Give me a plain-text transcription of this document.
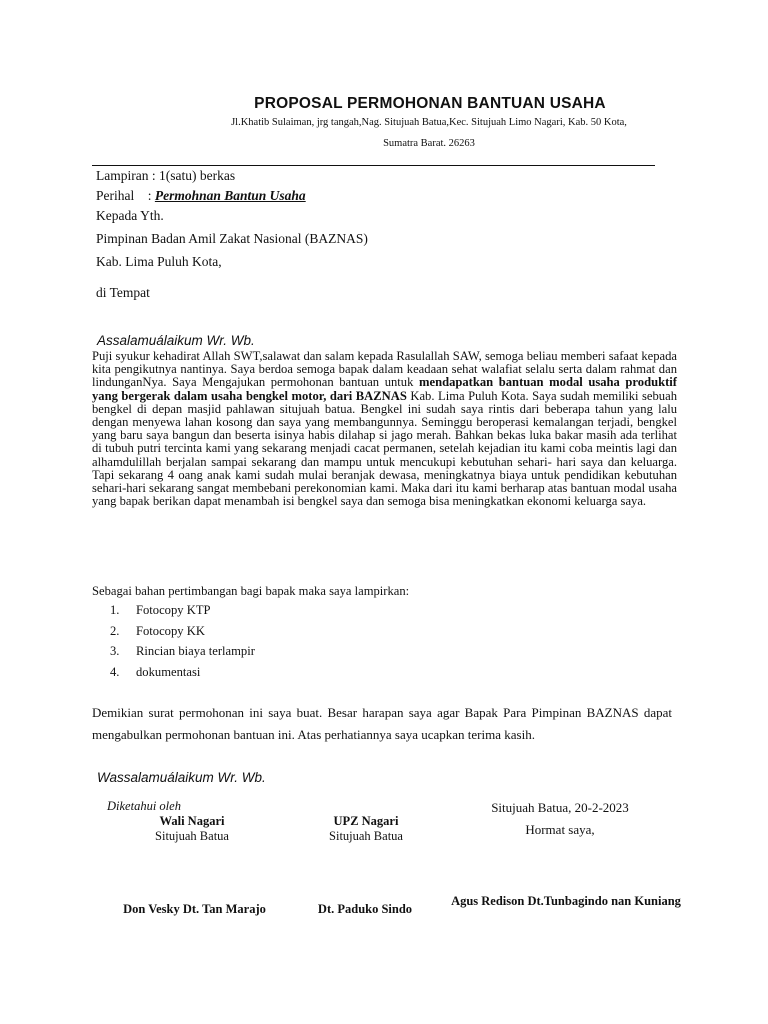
PROPOSAL PERMOHONAN BANTUAN USAHA
Jl.Khatib Sulaiman, jrg tangah,Nag. Situjuah Batua,Kec. Situjuah Limo Nagari, Kab. 50 Kota,
Sumatra Barat. 26263
Lampiran : 1(satu) berkas
Perihal    : Permohnan Bantun Usaha
Kepada Yth.
Pimpinan Badan Amil Zakat Nasional (BAZNAS)
Kab. Lima Puluh Kota,
di Tempat
Assalamuálaikum Wr. Wb.
Puji syukur kehadirat Allah SWT,salawat dan salam kepada Rasulallah SAW, semoga beliau memberi safaat kepada kita pengikutnya nantinya. Saya berdoa semoga bapak dalam keadaan sehat walafiat selalu serta dalam rahmat dan lindunganNya. Saya Mengajukan permohonan bantuan untuk mendapatkan bantuan modal usaha produktif yang bergerak dalam usaha bengkel motor, dari BAZNAS Kab. Lima Puluh Kota. Saya sudah memiliki sebuah bengkel di depan masjid pahlawan situjuah batua. Bengkel ini sudah saya rintis dari beberapa tahun yang lalu dengan menyewa lahan kosong dan saya yang membangunnya. Seminggu beroperasi kemalangan terjadi, bengkel yang baru saya bangun dan beserta isinya habis dilahap si jago merah. Bahkan bekas luka bakar masih ada terlihat di tubuh putri tercinta kami yang sekarang menjadi cacat permanen, setelah kejadian itu kami coba meintis lagi dan alhamdulillah berjalan sampai sekarang dan mampu untuk mencukupi kebutuhan sehari- hari saya dan keluarga. Tapi sekarang 4 oang anak kami sudah mulai beranjak dewasa, meningkatnya biaya untuk pendidikan kebutuhan sehari-hari sekarang sangat membebani perekonomian kami. Maka dari itu kami berharap atas bantuan modal usaha yang bapak berikan dapat menambah isi bengkel saya dan semoga bisa meningkatkan ekonomi keluarga saya.
Sebagai bahan pertimbangan bagi bapak maka saya lampirkan:
1.	Fotocopy KTP
2.	Fotocopy KK
3.	Rincian biaya terlampir
4.	dokumentasi
Demikian surat permohonan ini saya buat. Besar harapan saya agar Bapak Para Pimpinan BAZNAS dapat mengabulkan permohonan bantuan ini. Atas perhatiannya saya ucapkan terima kasih.
Wassalamuálaikum Wr. Wb.
Diketahui oleh
Wali Nagari
Situjuah Batua
UPZ Nagari
Situjuah Batua
Situjuah Batua, 20-2-2023
Hormat saya,
Don Vesky Dt. Tan Marajo	Dt. Paduko Sindo
Agus Redison Dt.Tunbagindo nan Kuniang
